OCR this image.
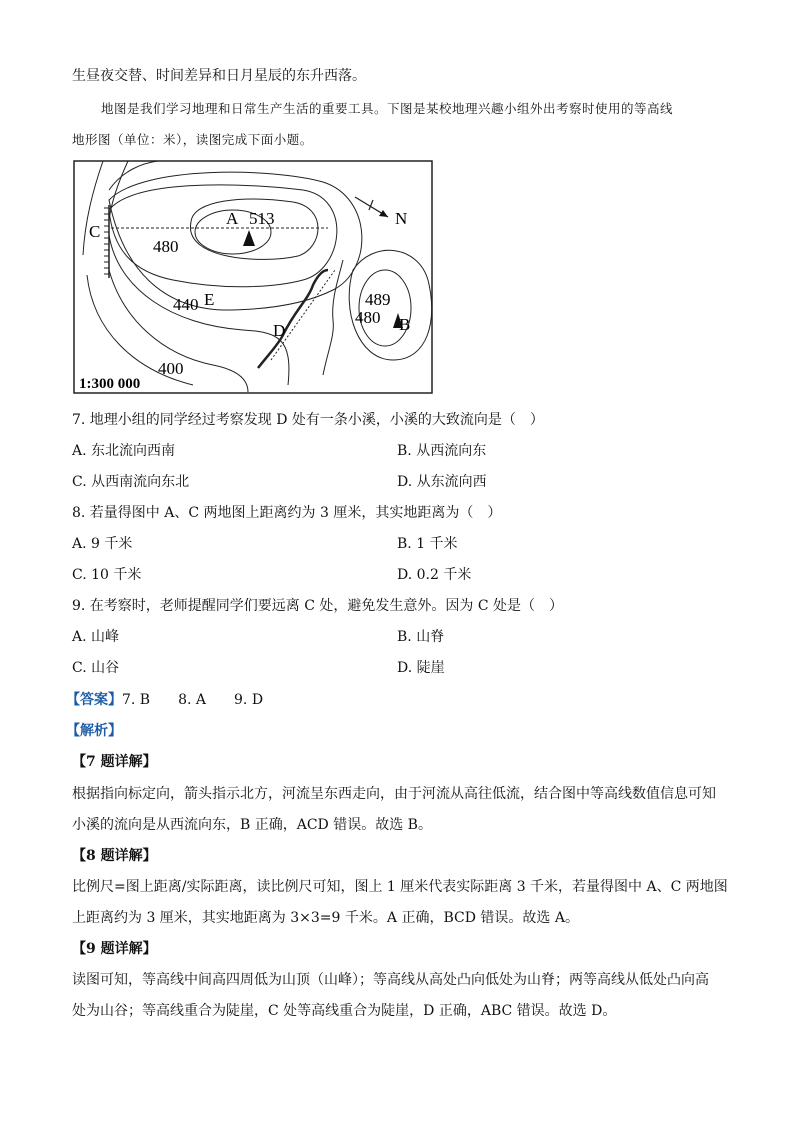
生昼夜交替、时间差异和日月星辰的东升西落。
地图是我们学习地理和日常生产生活的重要工具。下图是某校地理兴趣小组外出考察时使用的等高线
地形图（单位：米），读图完成下面小题。
N
A 513
480
C
E
440
D
400
489
480 B
1:300 000
7. 地理小组的同学经过考察发现 D 处有一条小溪，小溪的大致流向是（　）
A. 东北流向西南	B. 从西流向东
C. 从西南流向东北	D. 从东流向西
8. 若量得图中 A、C 两地图上距离约为 3 厘米，其实地距离为（　）
A. 9 千米	B. 1 千米
C. 10 千米	D. 0.2 千米
9. 在考察时，老师提醒同学们要远离 C 处，避免发生意外。因为 C 处是（　）
A. 山峰	B. 山脊
C. 山谷	D. 陡崖
【答案】7. B　　8. A　　9. D
【解析】
【7 题详解】
根据指向标定向，箭头指示北方，河流呈东西走向，由于河流从高往低流，结合图中等高线数值信息可知
小溪的流向是从西流向东，B 正确，ACD 错误。故选 B。
【8 题详解】
比例尺=图上距离/实际距离，读比例尺可知，图上 1 厘米代表实际距离 3 千米，若量得图中 A、C 两地图
上距离约为 3 厘米，其实地距离为 3×3=9 千米。A 正确，BCD 错误。故选 A。
【9 题详解】
读图可知，等高线中间高四周低为山顶（山峰）；等高线从高处凸向低处为山脊；两等高线从低处凸向高
处为山谷；等高线重合为陡崖，C 处等高线重合为陡崖，D 正确，ABC 错误。故选 D。
